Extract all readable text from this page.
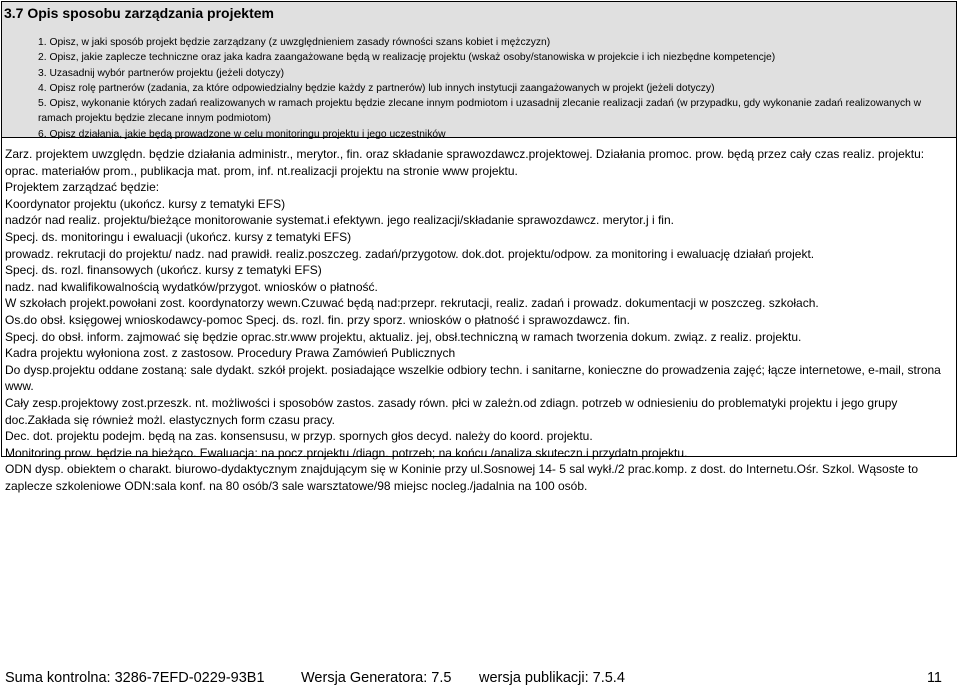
3.7 Opis sposobu zarządzania projektem
1. Opisz, w jaki sposób projekt będzie zarządzany (z uwzględnieniem zasady równości szans kobiet i mężczyzn)
2. Opisz, jakie zaplecze techniczne oraz jaka kadra zaangażowane będą w realizację projektu (wskaż osoby/stanowiska w projekcie i ich niezbędne kompetencje)
3. Uzasadnij wybór partnerów projektu (jeżeli dotyczy)
4. Opisz rolę partnerów (zadania, za które odpowiedzialny będzie każdy z partnerów) lub innych instytucji zaangażowanych w projekt (jeżeli dotyczy)
5. Opisz, wykonanie których zadań realizowanych w ramach projektu będzie zlecane innym podmiotom i uzasadnij zlecanie realizacji zadań (w przypadku, gdy wykonanie zadań realizowanych w ramach projektu będzie zlecane innym podmiotom)
6. Opisz działania, jakie będą prowadzone w celu monitoringu projektu i jego uczestników
Zarz. projektem uwzględn. będzie działania administr., merytor., fin. oraz składanie sprawozdawcz.projektowej. Działania promoc. prow. będą przez cały czas realiz. projektu: oprac. materiałów prom., publikacja mat. prom, inf. nt.realizacji projektu na stronie www projektu.
Projektem zarządzać będzie:
Koordynator projektu (ukończ. kursy z tematyki EFS)
nadzór nad realiz. projektu/bieżące monitorowanie systemat.i efektywn. jego realizacji/składanie sprawozdawcz. merytor.j i fin.
Specj. ds. monitoringu i ewaluacji (ukończ. kursy z tematyki EFS)
prowadz. rekrutacji do projektu/ nadz. nad prawidł. realiz.poszczeg. zadań/przygotow. dok.dot. projektu/odpow. za monitoring i ewaluację działań projekt.
Specj. ds. rozl. finansowych (ukończ. kursy z tematyki EFS)
nadz. nad kwalifikowalnością wydatków/przygot. wniosków o płatność.
W szkołach projekt.powołani zost. koordynatorzy wewn.Czuwać będą nad:przepr. rekrutacji, realiz. zadań i prowadz. dokumentacji w poszczeg. szkołach.
Os.do obsł. księgowej wnioskodawcy-pomoc Specj. ds. rozl. fin. przy sporz. wniosków o płatność i sprawozdawcz. fin.
Specj. do obsł. inform. zajmować się będzie oprac.str.www projektu, aktualiz. jej, obsł.techniczną w ramach tworzenia dokum. związ. z realiz. projektu.
Kadra projektu wyłoniona zost. z zastosow. Procedury Prawa Zamówień Publicznych
Do dysp.projektu oddane zostaną: sale dydakt. szkół projekt. posiadające wszelkie odbiory techn. i sanitarne, konieczne do prowadzenia zajęć; łącze internetowe, e-mail, strona www.
Cały zesp.projektowy zost.przeszk. nt. możliwości i sposobów zastos. zasady równ. płci w zależn.od zdiagn. potrzeb w odniesieniu do problematyki projektu i jego grupy doc.Zakłada się również możl. elastycznych form czasu pracy.
Dec. dot. projektu podejm. będą na zas. konsensusu, w przyp. spornych głos decyd. należy do koord. projektu.
Monitoring prow. będzie na bieżąco. Ewaluacja: na pocz.projektu /diagn. potrzeb; na końcu /analiza skuteczn.i przydatn.projektu.
ODN dysp. obiektem o charakt. biurowo-dydaktycznym znajdującym się w Koninie przy ul.Sosnowej 14- 5 sal wykł./2 prac.komp. z dost. do Internetu.Ośr. Szkol. Wąsoste to zaplecze szkoleniowe ODN:sala konf. na 80 osób/3 sale warsztatowe/98 miejsc nocleg./jadalnia na 100 osób.
Suma kontrolna: 3286-7EFD-0229-93B1	Wersja Generatora: 7.5 wersja publikacji: 7.5.4	11
